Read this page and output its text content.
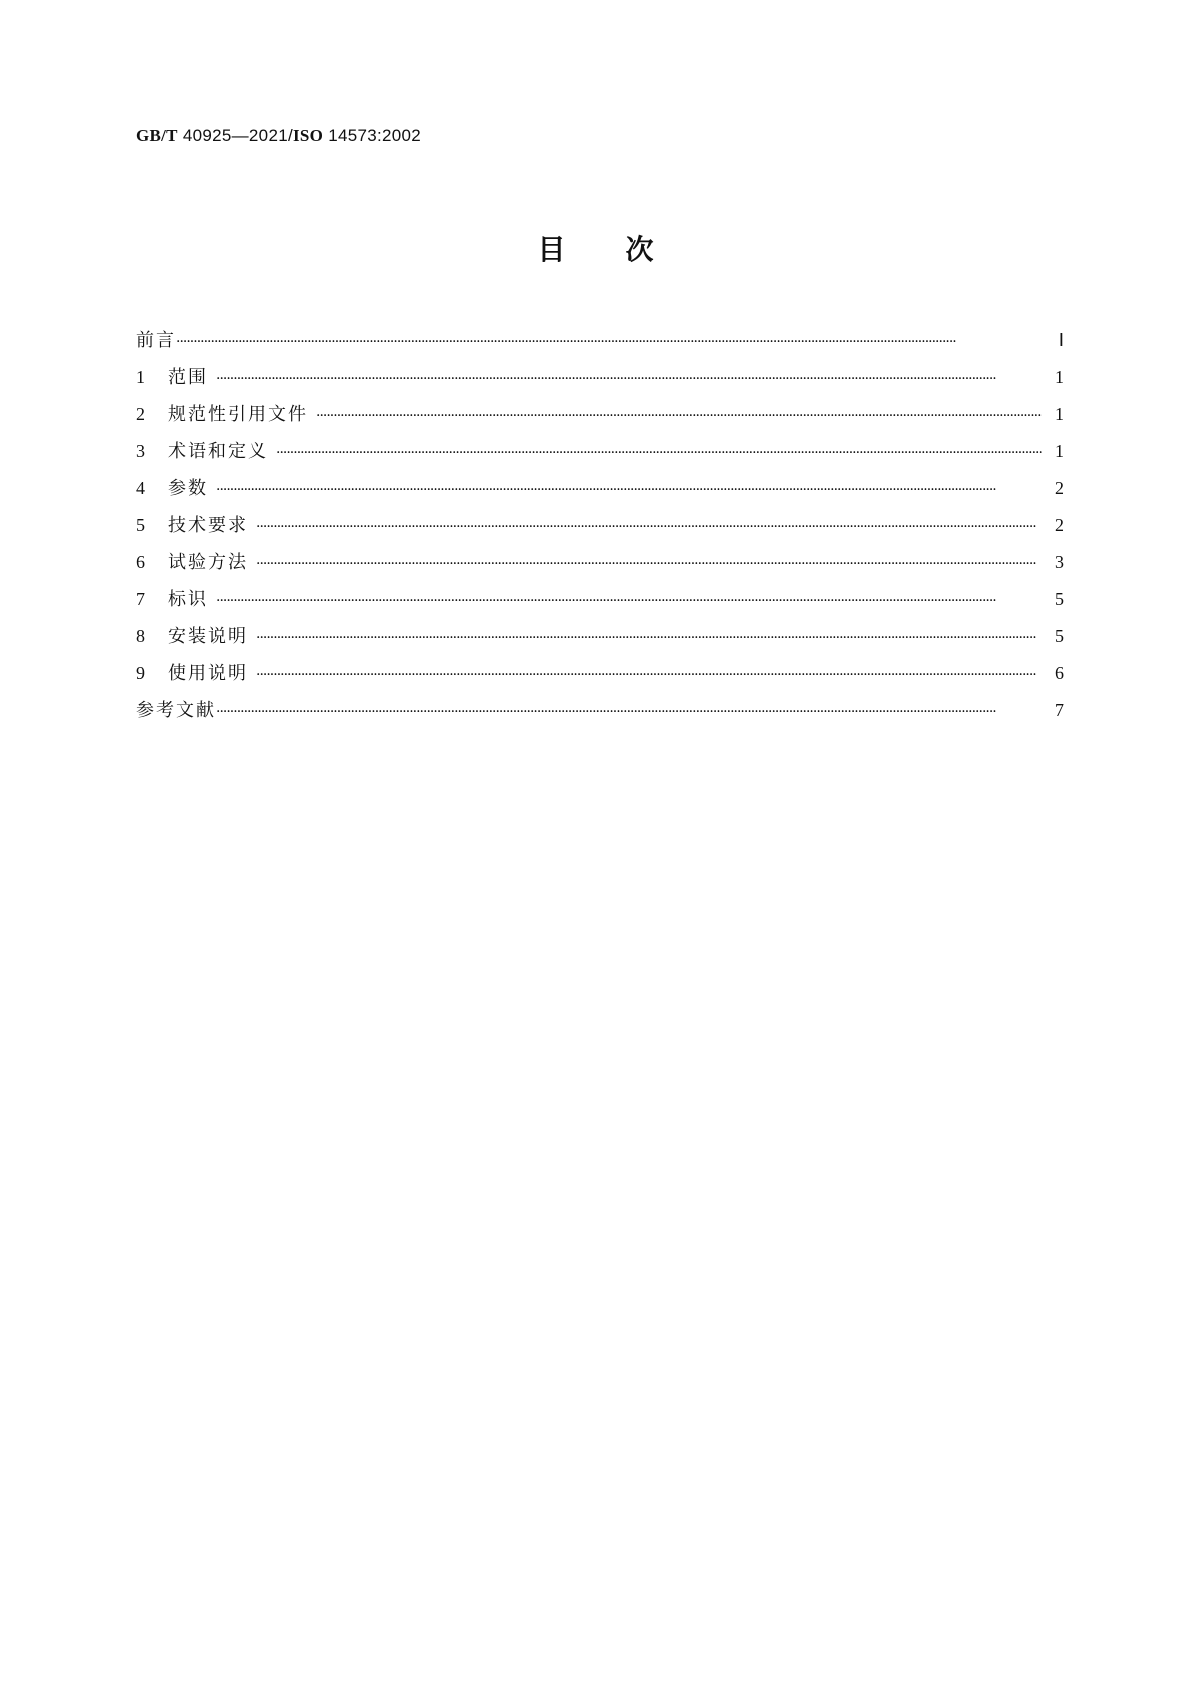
GB/T 40925—2021/ISO 14573:2002
目 次
前言 ·····	Ⅰ
1	范围 ·····	1
2	规范性引用文件 ·····	1
3	术语和定义 ·····	1
4	参数 ·····	2
5	技术要求 ·····	2
6	试验方法 ·····	3
7	标识 ·····	5
8	安装说明 ·····	5
9	使用说明 ·····	6
参考文献 ·····	7
